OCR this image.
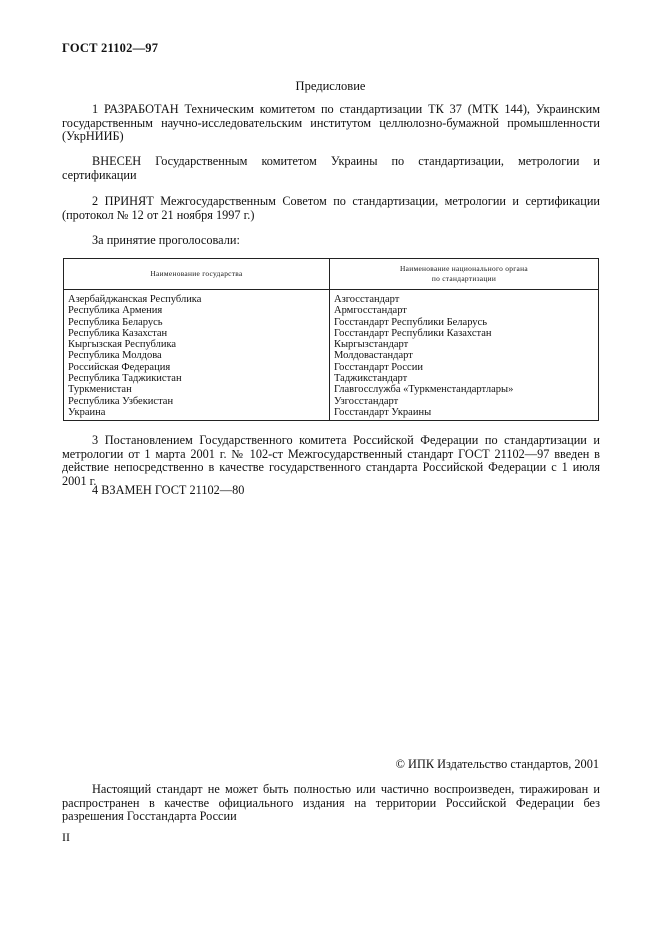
ГОСТ 21102—97
Предисловие
1 РАЗРАБОТАН Техническим комитетом по стандартизации ТК 37 (МТК 144), Украинским государственным научно-исследовательским институтом целлюлозно-бумажной промышленности (УкрНИИБ)
ВНЕСЕН Государственным комитетом Украины по стандартизации, метрологии и сертификации
2 ПРИНЯТ Межгосударственным Советом по стандартизации, метрологии и сертификации (протокол № 12 от 21 ноября 1997 г.)
За принятие проголосовали:
Наименование государства	Наименование национального органа
по стандартизации
Азербайджанская Республика	Азгосстандарт
Республика Армения	Армгосстандарт
Республика Беларусь	Госстандарт Республики Беларусь
Республика Казахстан	Госстандарт Республики Казахстан
Кыргызская Республика	Кыргызстандарт
Республика Молдова	Молдовастандарт
Российская Федерация	Госстандарт России
Республика Таджикистан	Таджикстандарт
Туркменистан	Главгосслужба «Туркменстандартлары»
Республика Узбекистан	Узгосстандарт
Украина	Госстандарт Украины
3 Постановлением Государственного комитета Российской Федерации по стандартизации и метрологии от 1 марта 2001 г. № 102-ст Межгосударственный стандарт ГОСТ 21102—97 введен в действие непосредственно в качестве государственного стандарта Российской Федерации с 1 июля 2001 г.
4 ВЗАМЕН ГОСТ 21102—80
© ИПК Издательство стандартов, 2001
Настоящий стандарт не может быть полностью или частично воспроизведен, тиражирован и распространен в качестве официального издания на территории Российской Федерации без разрешения Госстандарта России
II
